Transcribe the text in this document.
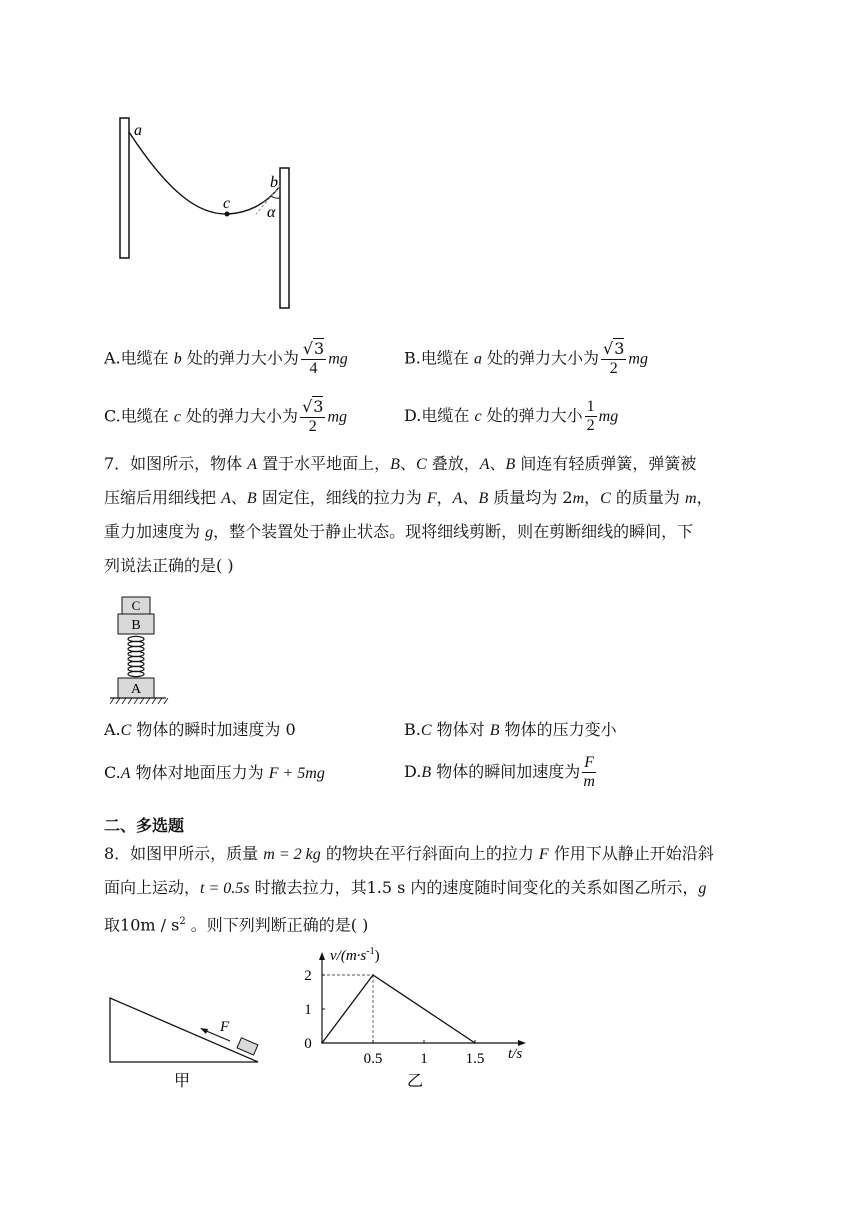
a
b
c
α
A.电缆在 b 处的弹力大小为 $\frac{√3}{4}$ mg	B.电缆在 a 处的弹力大小为 $\frac{√3}{2}$ mg
C.电缆在 c 处的弹力大小为 $\frac{√3}{2}$ mg	D.电缆在 c 处的弹力大小 $\frac{1}{2}$ mg
7．如图所示，物体 A 置于水平地面上，B、C 叠放，A、B 间连有轻质弹簧，弹簧被
压缩后用细线把 A、B 固定住，细线的拉力为 F，A、B 质量均为 2m，C 的质量为 m，
重力加速度为 g，整个装置处于静止状态。现将细线剪断，则在剪断细线的瞬间，下
列说法正确的是( )
C
B
A
A.C 物体的瞬时加速度为 0	B.C 物体对 B 物体的压力变小
C.A 物体对地面压力为 F + 5mg	D.B 物体的瞬间加速度为 $\frac{F}{m}$
二、多选题
8．如图甲所示，质量 m = 2 kg 的物块在平行斜面向上的拉力 F 作用下从静止开始沿斜
面向上运动，t = 0.5s 时撤去拉力，其1.5 s 内的速度随时间变化的关系如图乙所示，g
取$10m / s^2$ 。则下列判断正确的是( )
F
甲
2
1
0
0.5	1	1.5
$v/(m\cdot s^{-1})$
t/s
乙
